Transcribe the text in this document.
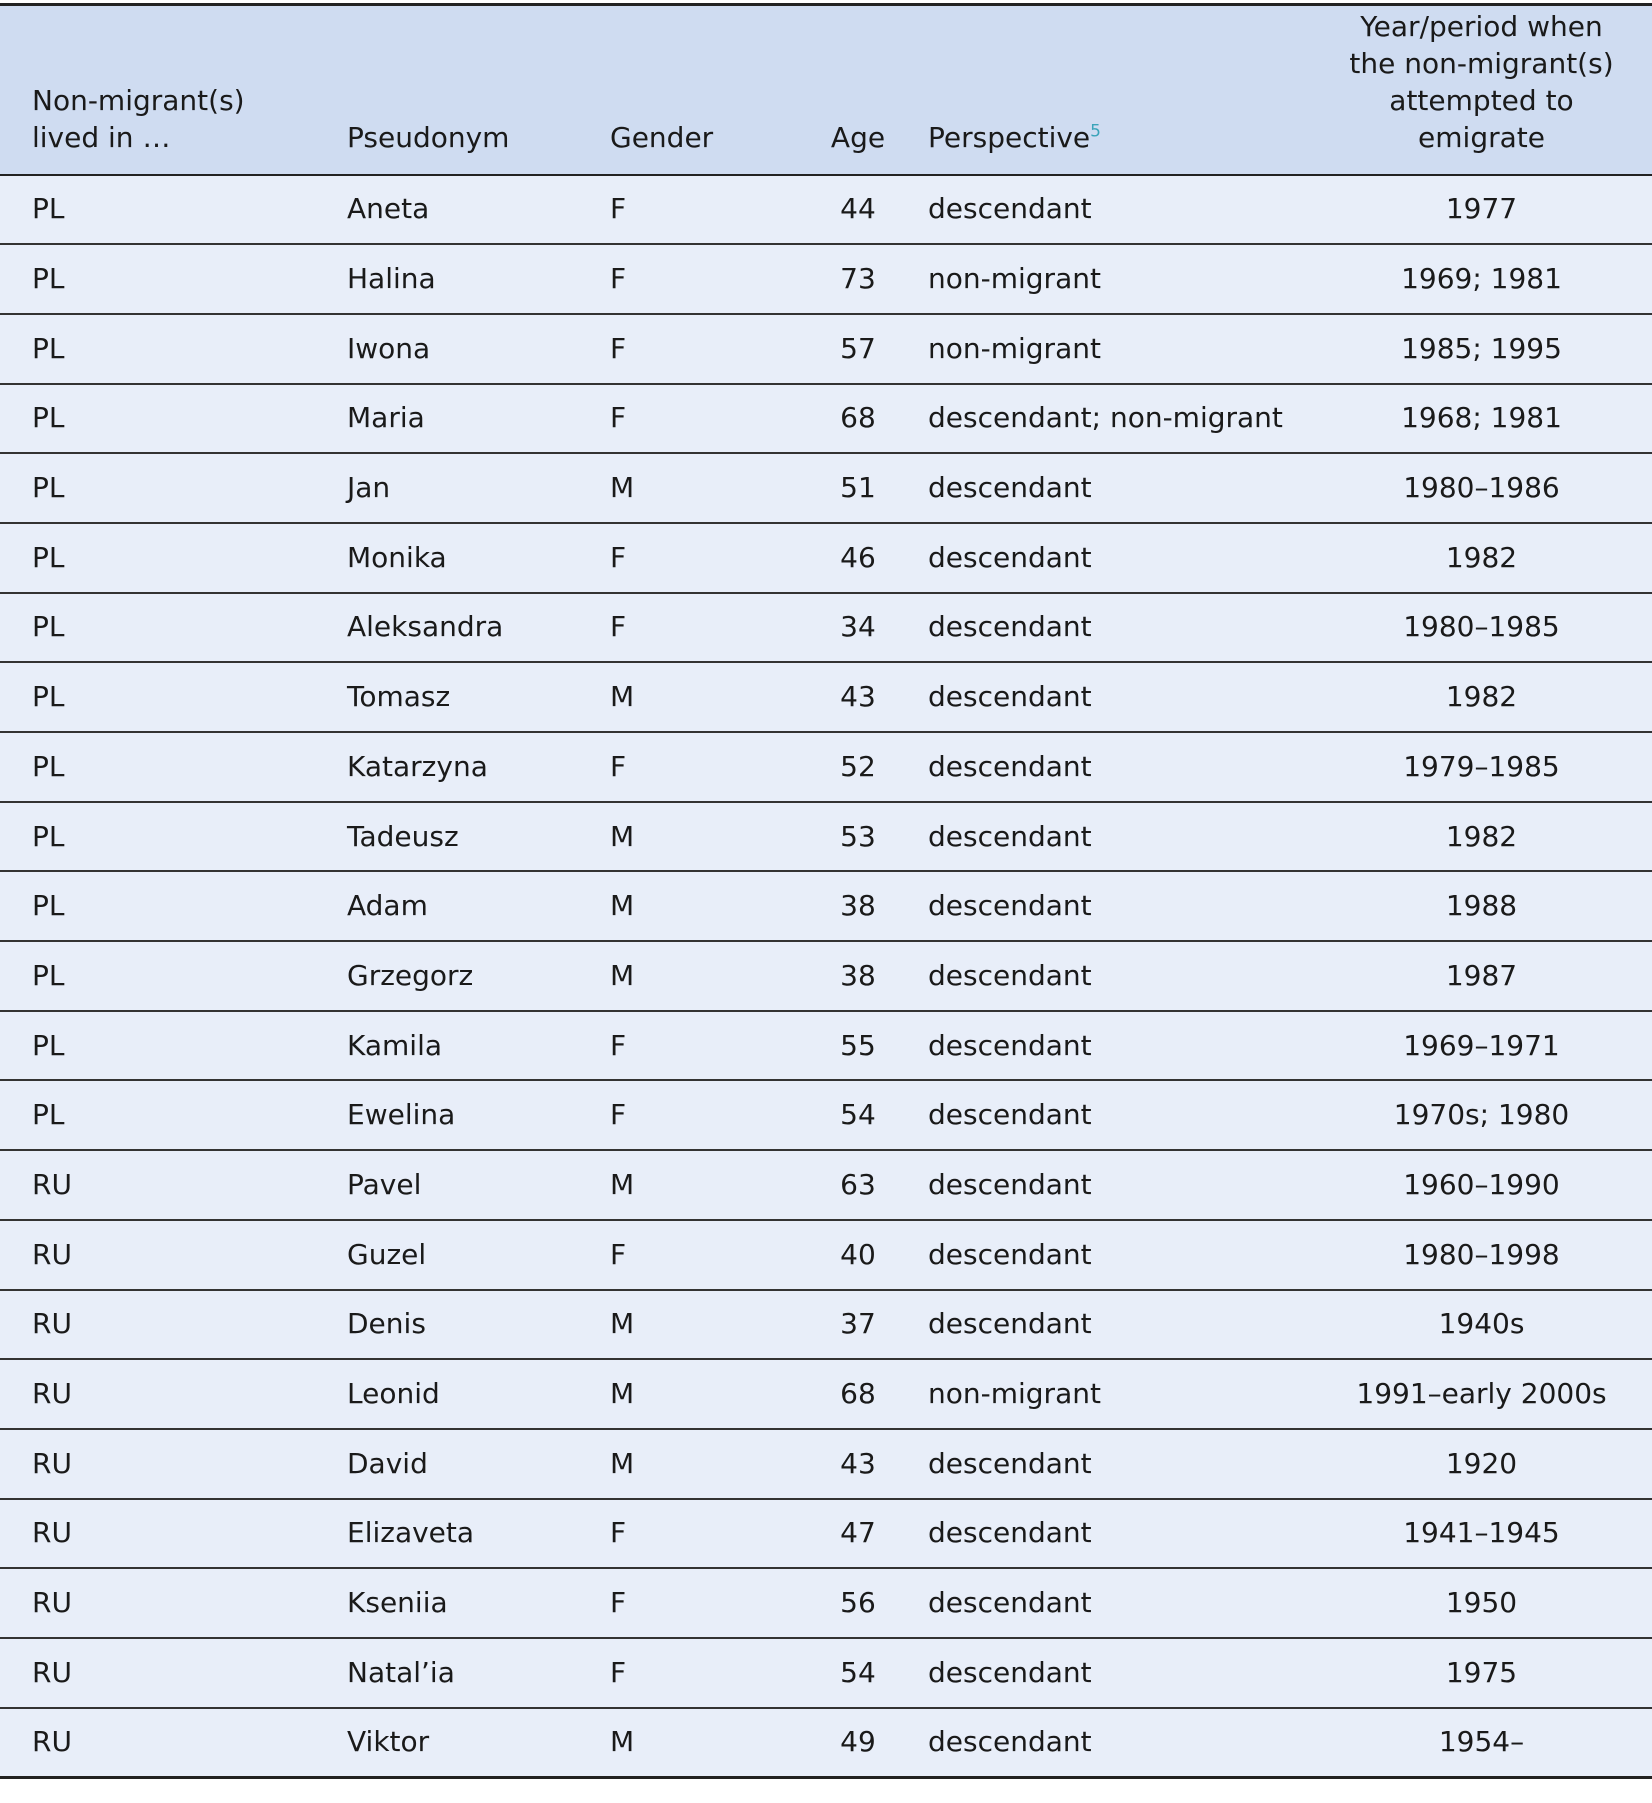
Non-migrant(s) lived in …	Pseudonym	Gender	Age	Perspective$^5$	Year/period when the non-migrant(s) attempted to emigrate

PL	Aneta	F	44	descendant	1977
PL	Halina	F	73	non-migrant	1969; 1981
PL	Iwona	F	57	non-migrant	1985; 1995
PL	Maria	F	68	descendant; non-migrant	1968; 1981
PL	Jan	M	51	descendant	1980–1986
PL	Monika	F	46	descendant	1982
PL	Aleksandra	F	34	descendant	1980–1985
PL	Tomasz	M	43	descendant	1982
PL	Katarzyna	F	52	descendant	1979–1985
PL	Tadeusz	M	53	descendant	1982
PL	Adam	M	38	descendant	1988
PL	Grzegorz	M	38	descendant	1987
PL	Kamila	F	55	descendant	1969–1971
PL	Ewelina	F	54	descendant	1970s; 1980
RU	Pavel	M	63	descendant	1960–1990
RU	Guzel	F	40	descendant	1980–1998
RU	Denis	M	37	descendant	1940s
RU	Leonid	M	68	non-migrant	1991–early 2000s
RU	David	M	43	descendant	1920
RU	Elizaveta	F	47	descendant	1941–1945
RU	Kseniia	F	56	descendant	1950
RU	Natal’ia	F	54	descendant	1975
RU	Viktor	M	49	descendant	1954–
